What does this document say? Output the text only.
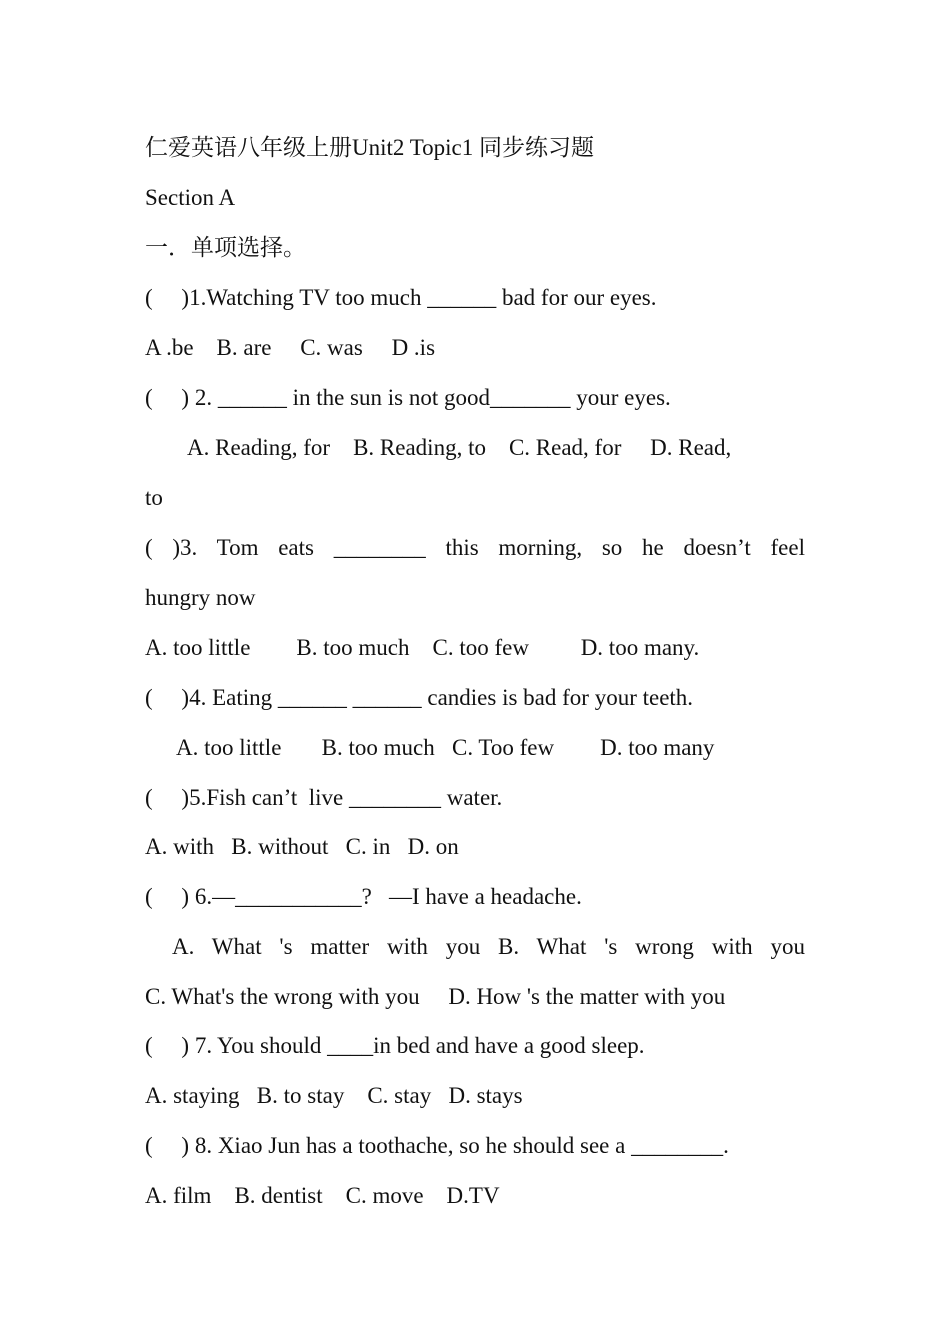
仁爱英语八年级上册Unit2 Topic1 同步练习题
Section A
一．单项选择。
(     )1.Watching TV too much ______ bad for our eyes.
A .be    B. are     C. was     D .is
(     ) 2. ______ in the sun is not good_______ your eyes.
A. Reading, for    B. Reading, to    C. Read, for     D. Read,
to
( )3. Tom eats ________ this morning, so he doesn’t feel
hungry now
A. too little        B. too much    C. too few         D. too many.
(     )4. Eating ______ ______ candies is bad for your teeth.
A. too little       B. too much   C. Too few        D. too many
(     )5.Fish can’t  live ________ water.
A. with   B. without   C. in   D. on
(     ) 6.—___________?   —I have a headache.
A. What 's matter with you B. What 's wrong with you
C. What's the wrong with you     D. How 's the matter with you
(     ) 7. You should ____in bed and have a good sleep.
A. staying   B. to stay    C. stay   D. stays
(     ) 8. Xiao Jun has a toothache, so he should see a ________.
A. film    B. dentist    C. move    D.TV
